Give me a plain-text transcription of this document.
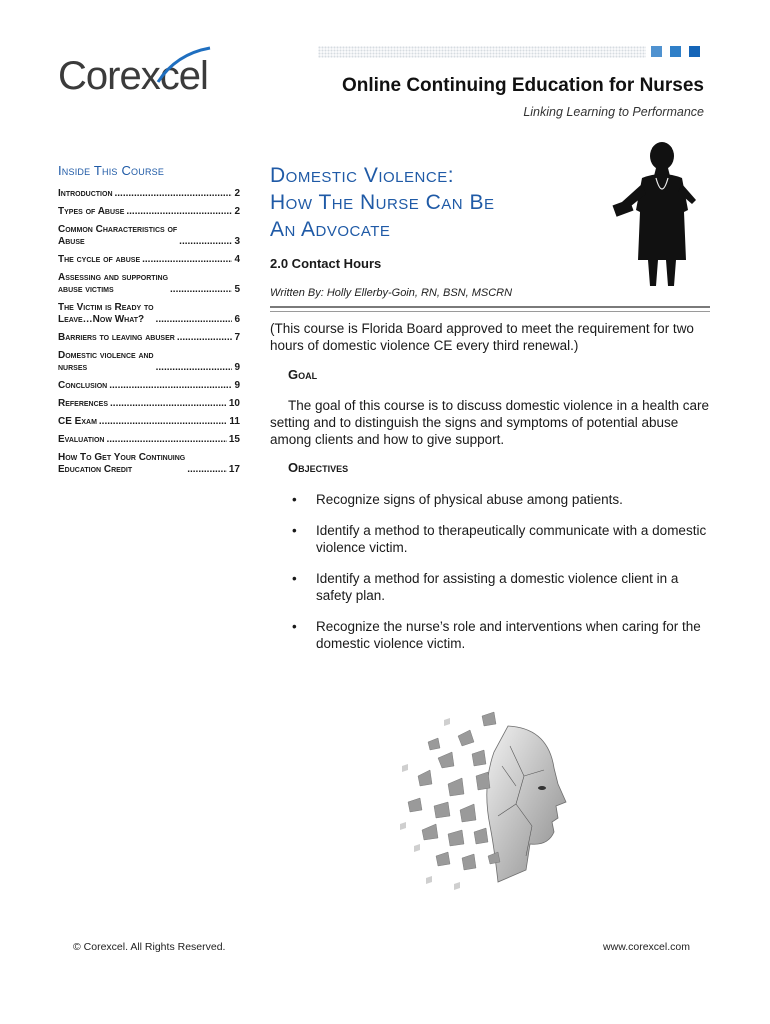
Corexcel	Online Continuing Education for Nurses
Linking Learning to Performance
Inside This Course
Introduction .....	2
Types of Abuse .....	2
Common Characteristics of
Abuse .....	3
The cycle of abuse .....	4
Assessing and supporting
abuse victims .....	5
The Victim is Ready to
Leave…Now What? .....	6
Barriers to leaving abuser .....	7
Domestic violence and
nurses .....	9
Conclusion .....	9
References .....	10
CE Exam .....	11
Evaluation .....	15
How To Get Your Continuing
Education Credit .....	17
Domestic Violence:
How The Nurse Can Be
An Advocate
2.0 Contact Hours
Written By: Holly Ellerby-Goin, RN, BSN, MSCRN
(This course is Florida Board approved to meet the requirement for two hours of domestic violence CE every third renewal.)
Goal
The goal of this course is to discuss domestic violence in a health care setting and to distinguish the signs and symptoms of potential abuse among clients and how to give support.
Objectives
• Recognize signs of physical abuse among patients.
• Identify a method to therapeutically communicate with a domestic violence victim.
• Identify a method for assisting a domestic violence client in a safety plan.
• Recognize the nurse’s role and interventions when caring for the domestic violence victim.
© Corexcel. All Rights Reserved.	www.corexcel.com
